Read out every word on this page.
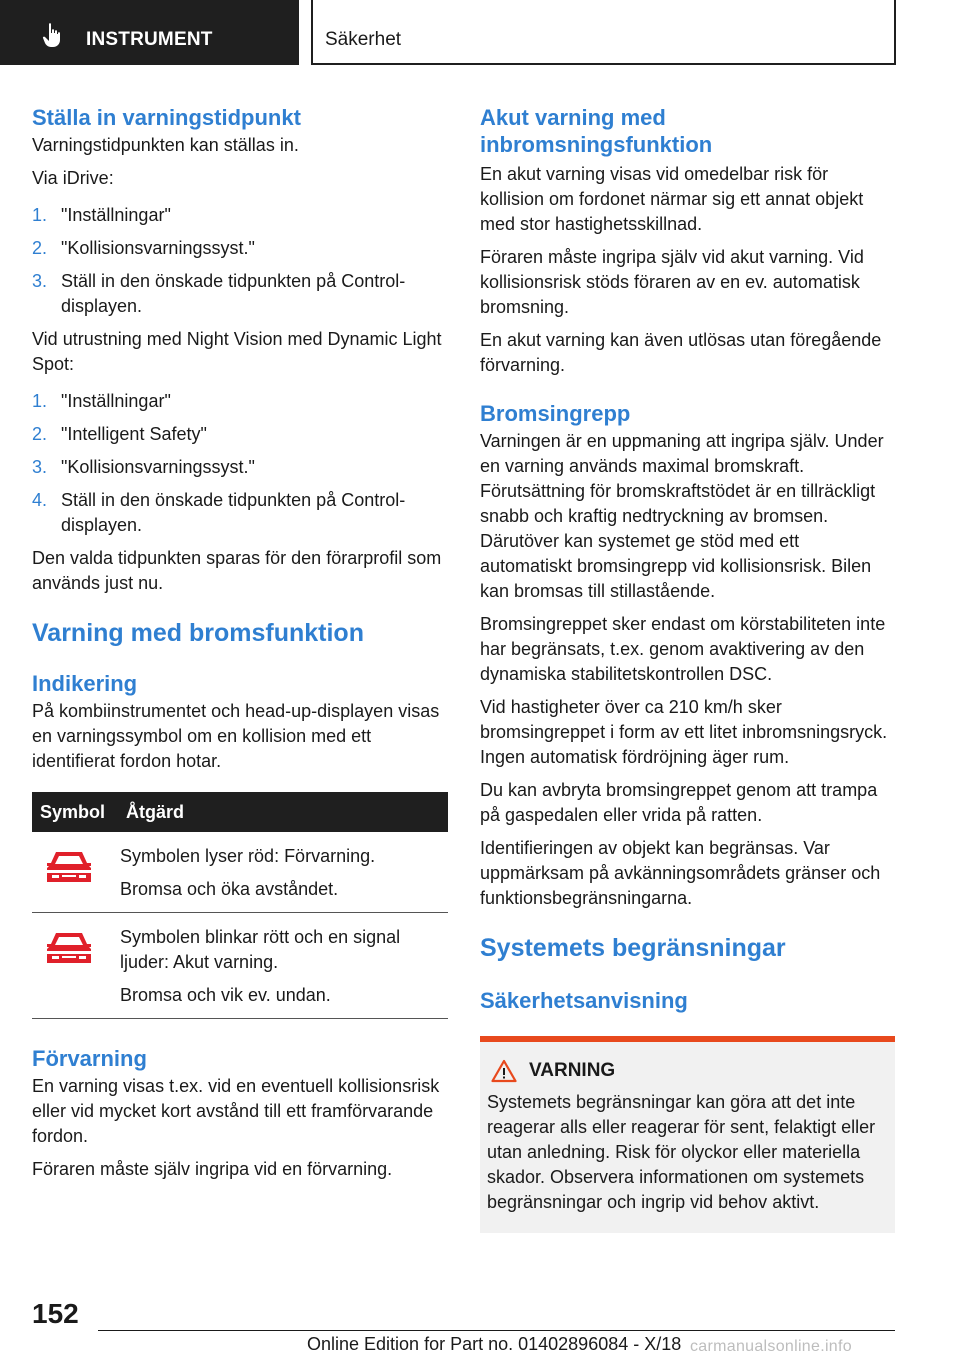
INSTRUMENT	Säkerhet
Ställa in varningstidpunkt

Varningstidpunkten kan ställas in.

Via iDrive:

1. "Inställningar"
2. "Kollisionsvarningssyst."
3. Ställ in den önskade tidpunkten på Control-displayen.

Vid utrustning med Night Vision med Dynamic Light Spot:

1. "Inställningar"
2. "Intelligent Safety"
3. "Kollisionsvarningssyst."
4. Ställ in den önskade tidpunkten på Control-displayen.

Den valda tidpunkten sparas för den förarprofil som används just nu.

Varning med bromsfunktion
Indikering

På kombiinstrumentet och head-up-displayen visas en varningssymbol om en kollision med ett identifierat fordon hotar.

Symbol	Åtgärd

Symbolen lyser röd: Förvarning.

Bromsa och öka avståndet.

Symbolen blinkar rött och en signal ljuder: Akut varning.

Bromsa och vik ev. undan.

Förvarning

En varning visas t.ex. vid en eventuell kollisionsrisk eller vid mycket kort avstånd till ett framförvarande fordon.

Föraren måste själv ingripa vid en förvarning.

Akut varning med inbromsningsfunktion

En akut varning visas vid omedelbar risk för kollision om fordonet närmar sig ett annat objekt med stor hastighetsskillnad.

Föraren måste ingripa själv vid akut varning. Vid kollisionsrisk stöds föraren av en ev. automatisk bromsning.

En akut varning kan även utlösas utan föregående förvarning.

Bromsingrepp

Varningen är en uppmaning att ingripa själv. Under en varning används maximal bromskraft. Förutsättning för bromskraftstödet är en tillräckligt snabb och kraftig nedtryckning av bromsen. Därutöver kan systemet ge stöd med ett automatiskt bromsingrepp vid kollisionsrisk. Bilen kan bromsas till stillastående.

Bromsingreppet sker endast om körstabiliteten inte har begränsats, t.ex. genom avaktivering av den dynamiska stabilitetskontrollen DSC.

Vid hastigheter över ca 210 km/h sker bromsingreppet i form av ett litet inbromsningsryck. Ingen automatisk fördröjning äger rum.

Du kan avbryta bromsingreppet genom att trampa på gaspedalen eller vrida på ratten.

Identifieringen av objekt kan begränsas. Var uppmärksam på avkänningsområdets gränser och funktionsbegränsningarna.

Systemets begränsningar
Säkerhetsanvisning
VARNING

Systemets begränsningar kan göra att det inte reagerar alls eller reagerar för sent, felaktigt eller utan anledning. Risk för olyckor eller materiella skador. Observera informationen om systemets begränsningar och ingrip vid behov aktivt.

152
Online Edition for Part no. 01402896084 - X/18 carmanualsonline.info
